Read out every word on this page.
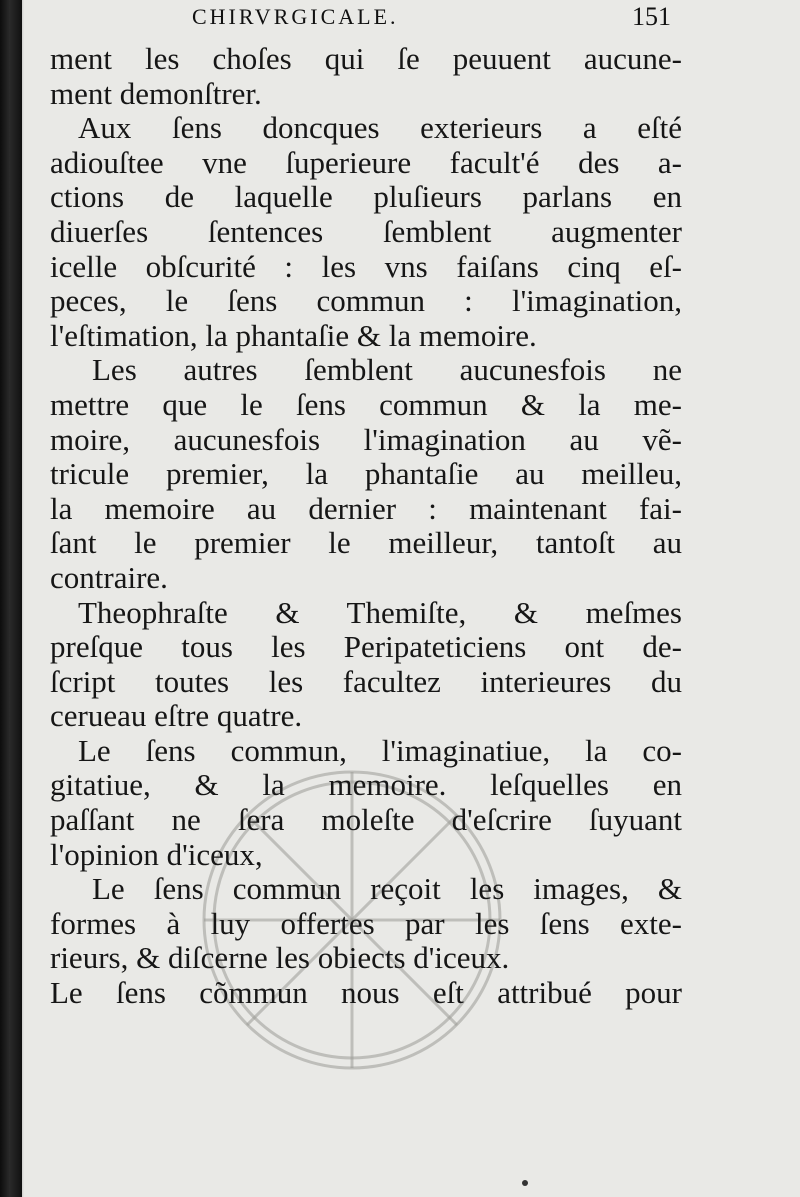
CHIRVRGICALE.	151
ment les choſes qui ſe peuuent aucune-
ment demonſtrer.
Aux ſens doncques exterieurs a eſté
adiouſtee vne ſuperieure facult'é des a-
ctions de laquelle pluſieurs parlans en
diuerſes ſentences ſemblent augmenter
icelle obſcurité : les vns faiſans cinq eſ-
peces, le ſens commun : l'imagination,
l'eſtimation, la phantaſie & la memoire.
Les autres ſemblent aucunesfois ne
mettre que le ſens commun & la me-
moire, aucunesfois l'imagination au vẽ-
tricule premier, la phantaſie au meilleu,
la memoire au dernier : maintenant fai-
ſant le premier le meilleur, tantoſt au
contraire.
Theophraſte & Themiſte, & meſmes
preſque tous les Peripateticiens ont de-
ſcript toutes les facultez interieures du
cerueau eſtre quatre.
Le ſens commun, l'imaginatiue, la co-
gitatiue, & la memoire. leſquelles en
paſſant ne ſera moleſte d'eſcrire ſuyuant
l'opinion d'iceux,
Le ſens commun reçoit les images, &
formes à luy offertes par les ſens exte-
rieurs, & diſcerne les obiects d'iceux.
Le ſens cõmmun nous eſt attribué pour
